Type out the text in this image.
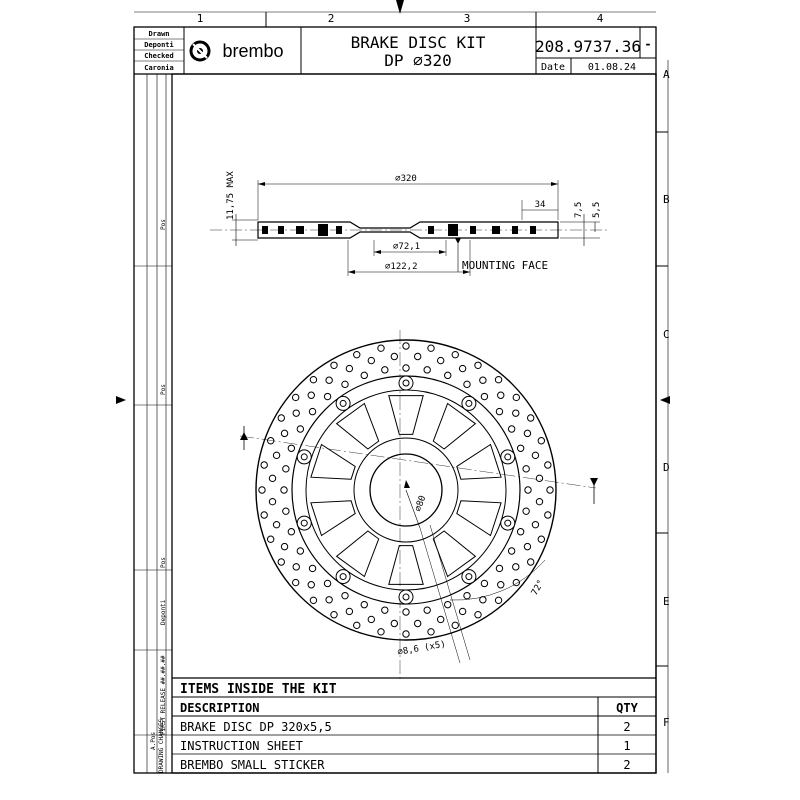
1	2	3	4
A
B
C
D
E
F
Drawn
Deponti
Checked
Caronia
brembo	BRAKE DISC KIT
DP ∅320
208.9737.36 -
Date 01.08.24
Pos
Pos
Pos
Deponti
FIRST RELEASE ##.##.##
A.Pos DRAWING CHANGES
∅320
11,75 MAX	34	7,5 5,5
∅72,1
∅122,2	MOUNTING FACE
∅80
72°
∅8,6 (x5)
ITEMS INSIDE THE KIT
DESCRIPTION	QTY
BRAKE DISC DP 320x5,5	2
INSTRUCTION SHEET	1
BREMBO SMALL STICKER	2
